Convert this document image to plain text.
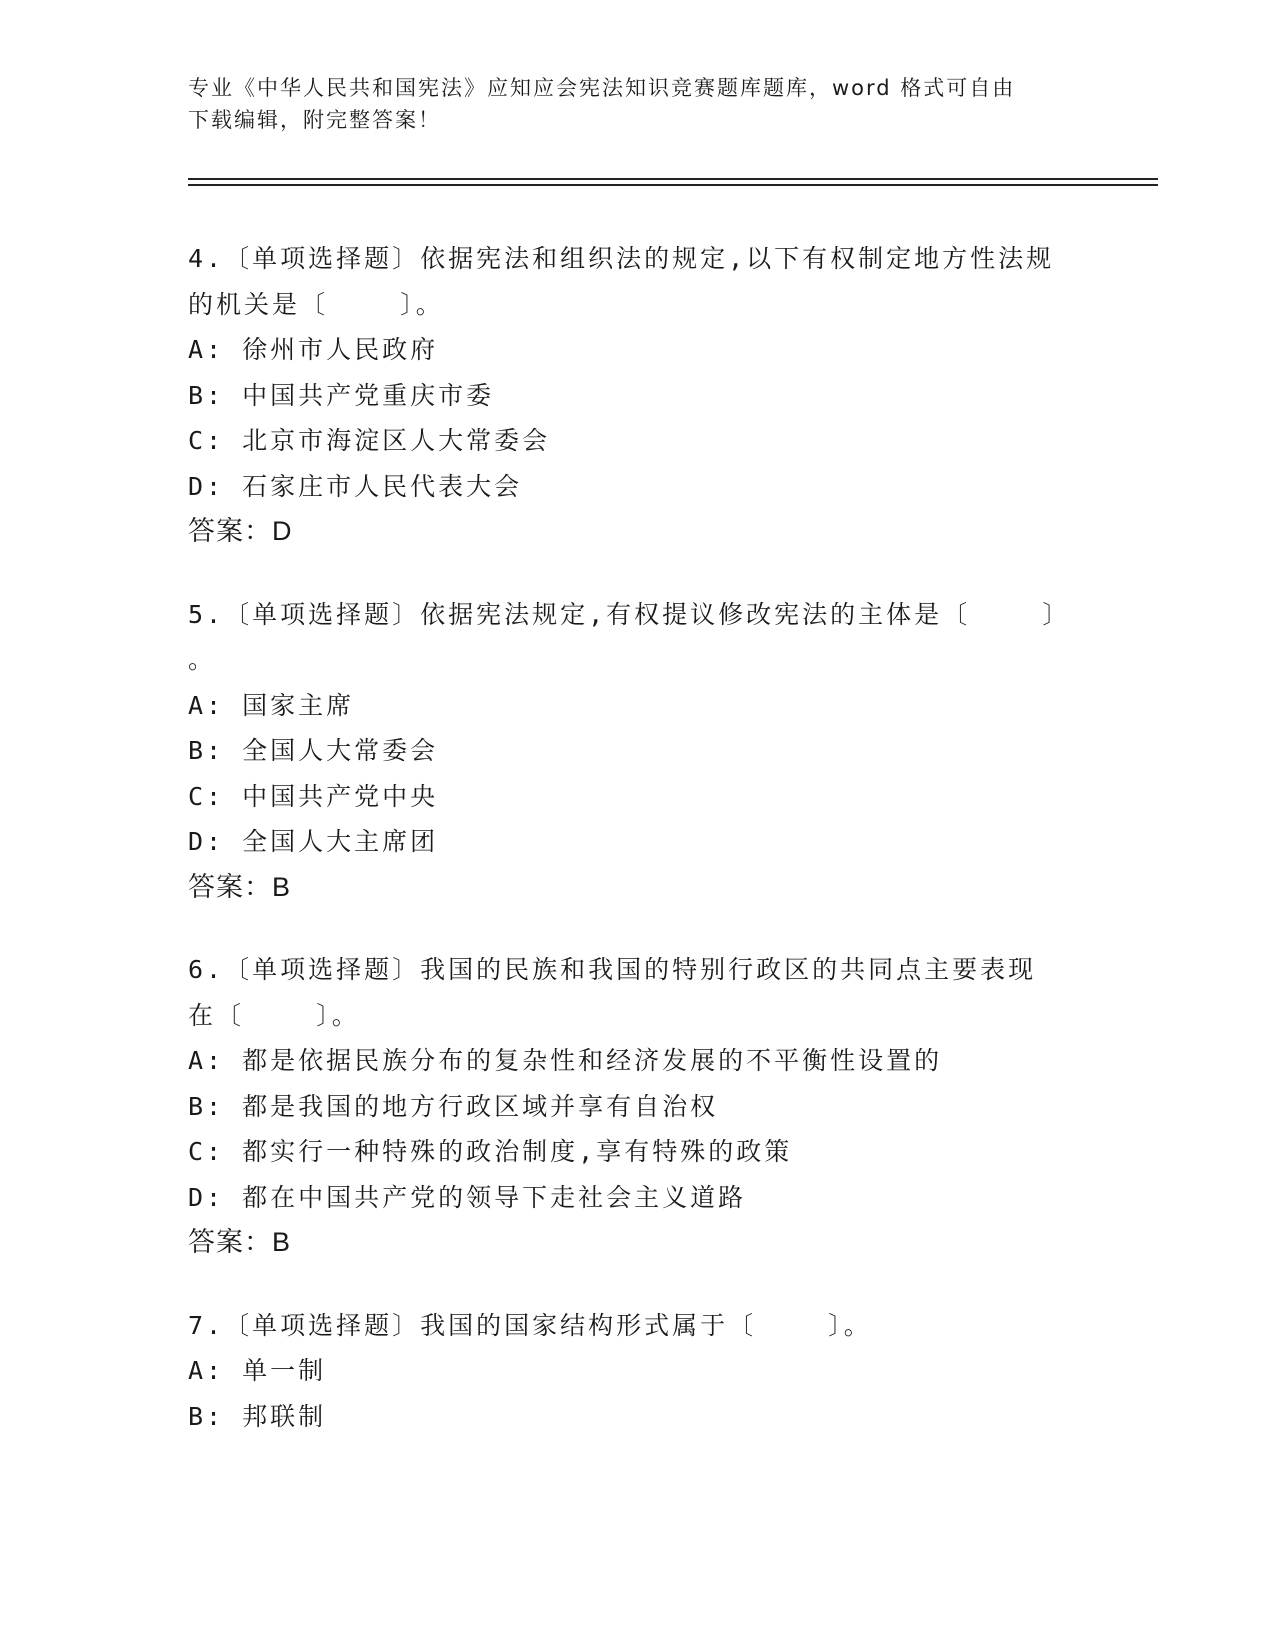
专业《中华人民共和国宪法》应知应会宪法知识竞赛题库题库，word 格式可自由
下载编辑，附完整答案！
4.〔单项选择题〕依据宪法和组织法的规定,以下有权制定地方性法规
的机关是〔    〕。
A: 徐州市人民政府
B: 中国共产党重庆市委
C: 北京市海淀区人大常委会
D: 石家庄市人民代表大会
答案：D
5.〔单项选择题〕依据宪法规定,有权提议修改宪法的主体是〔    〕
。
A: 国家主席
B: 全国人大常委会
C: 中国共产党中央
D: 全国人大主席团
答案：B
6.〔单项选择题〕我国的民族和我国的特别行政区的共同点主要表现
在〔    〕。
A: 都是依据民族分布的复杂性和经济发展的不平衡性设置的
B: 都是我国的地方行政区域并享有自治权
C: 都实行一种特殊的政治制度,享有特殊的政策
D: 都在中国共产党的领导下走社会主义道路
答案：B
7.〔单项选择题〕我国的国家结构形式属于〔    〕。
A: 单一制
B: 邦联制
